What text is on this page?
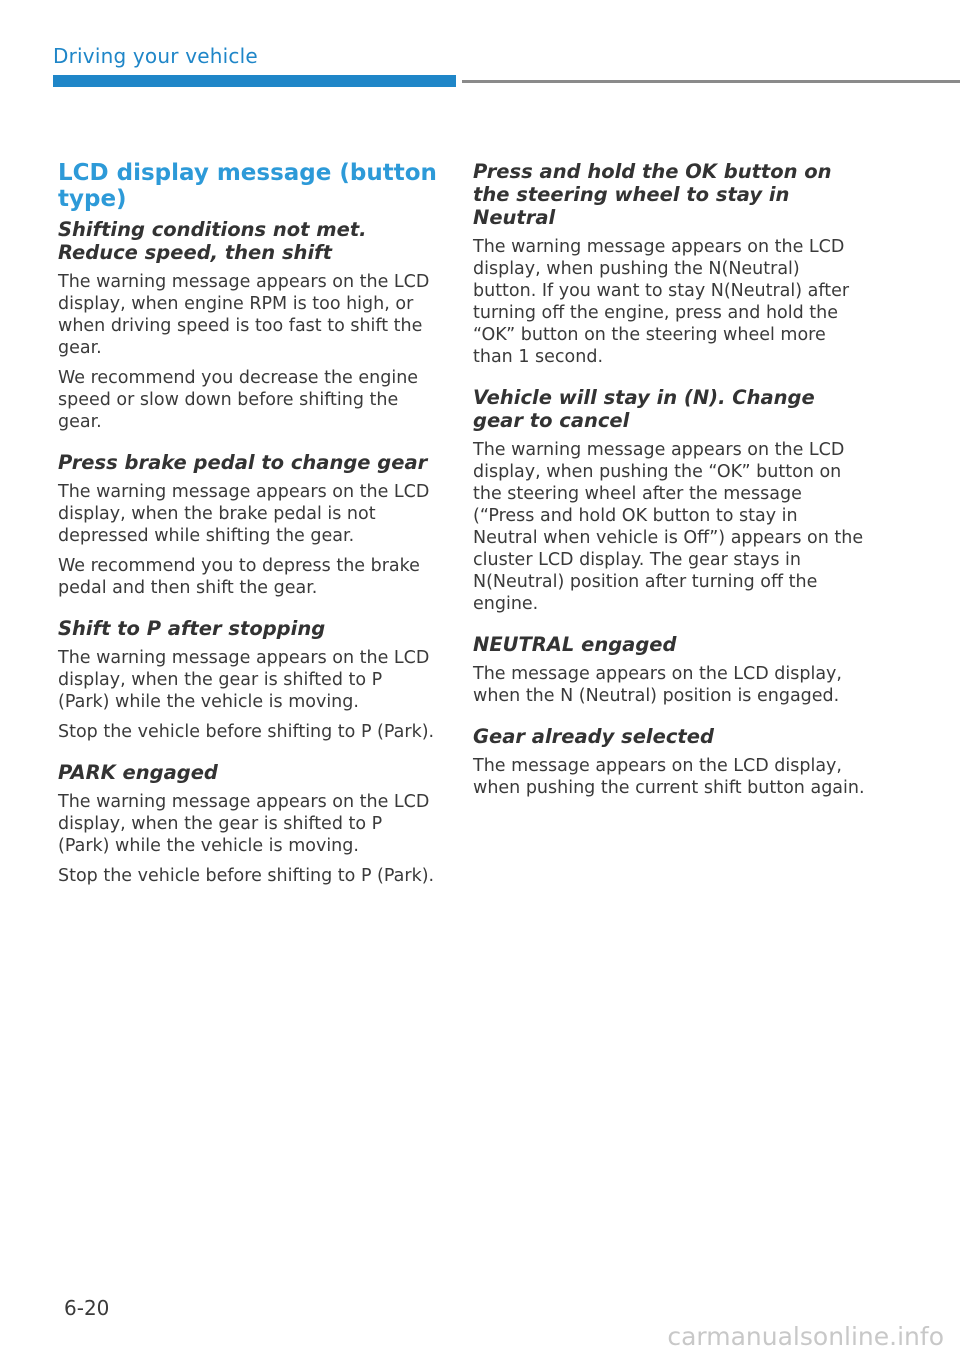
Driving your vehicle
LCD display message (button type)
Shifting conditions not met. Reduce speed, then shift
The warning message appears on the LCD display, when engine RPM is too high, or when driving speed is too fast to shift the gear.
We recommend you decrease the engine speed or slow down before shifting the gear.
Press brake pedal to change gear
The warning message appears on the LCD display, when the brake pedal is not depressed while shifting the gear.
We recommend you to depress the brake pedal and then shift the gear.
Shift to P after stopping
The warning message appears on the LCD display, when the gear is shifted to P (Park) while the vehicle is moving.
Stop the vehicle before shifting to P (Park).
PARK engaged
The warning message appears on the LCD display, when the gear is shifted to P (Park) while the vehicle is moving.
Stop the vehicle before shifting to P (Park).
Press and hold the OK button on the steering wheel to stay in Neutral
The warning message appears on the LCD display, when pushing the N(Neutral) button. If you want to stay N(Neutral) after turning off the engine, press and hold the “OK” button on the steering wheel more than 1 second.
Vehicle will stay in (N). Change gear to cancel
The warning message appears on the LCD display, when pushing the “OK” button on the steering wheel after the message (“Press and hold OK button to stay in Neutral when vehicle is Off”) appears on the cluster LCD display. The gear stays in N(Neutral) position after turning off the engine.
NEUTRAL engaged
The message appears on the LCD display, when the N (Neutral) position is engaged.
Gear already selected
The message appears on the LCD display, when pushing the current shift button again.
6-20
carmanualsonline.info
